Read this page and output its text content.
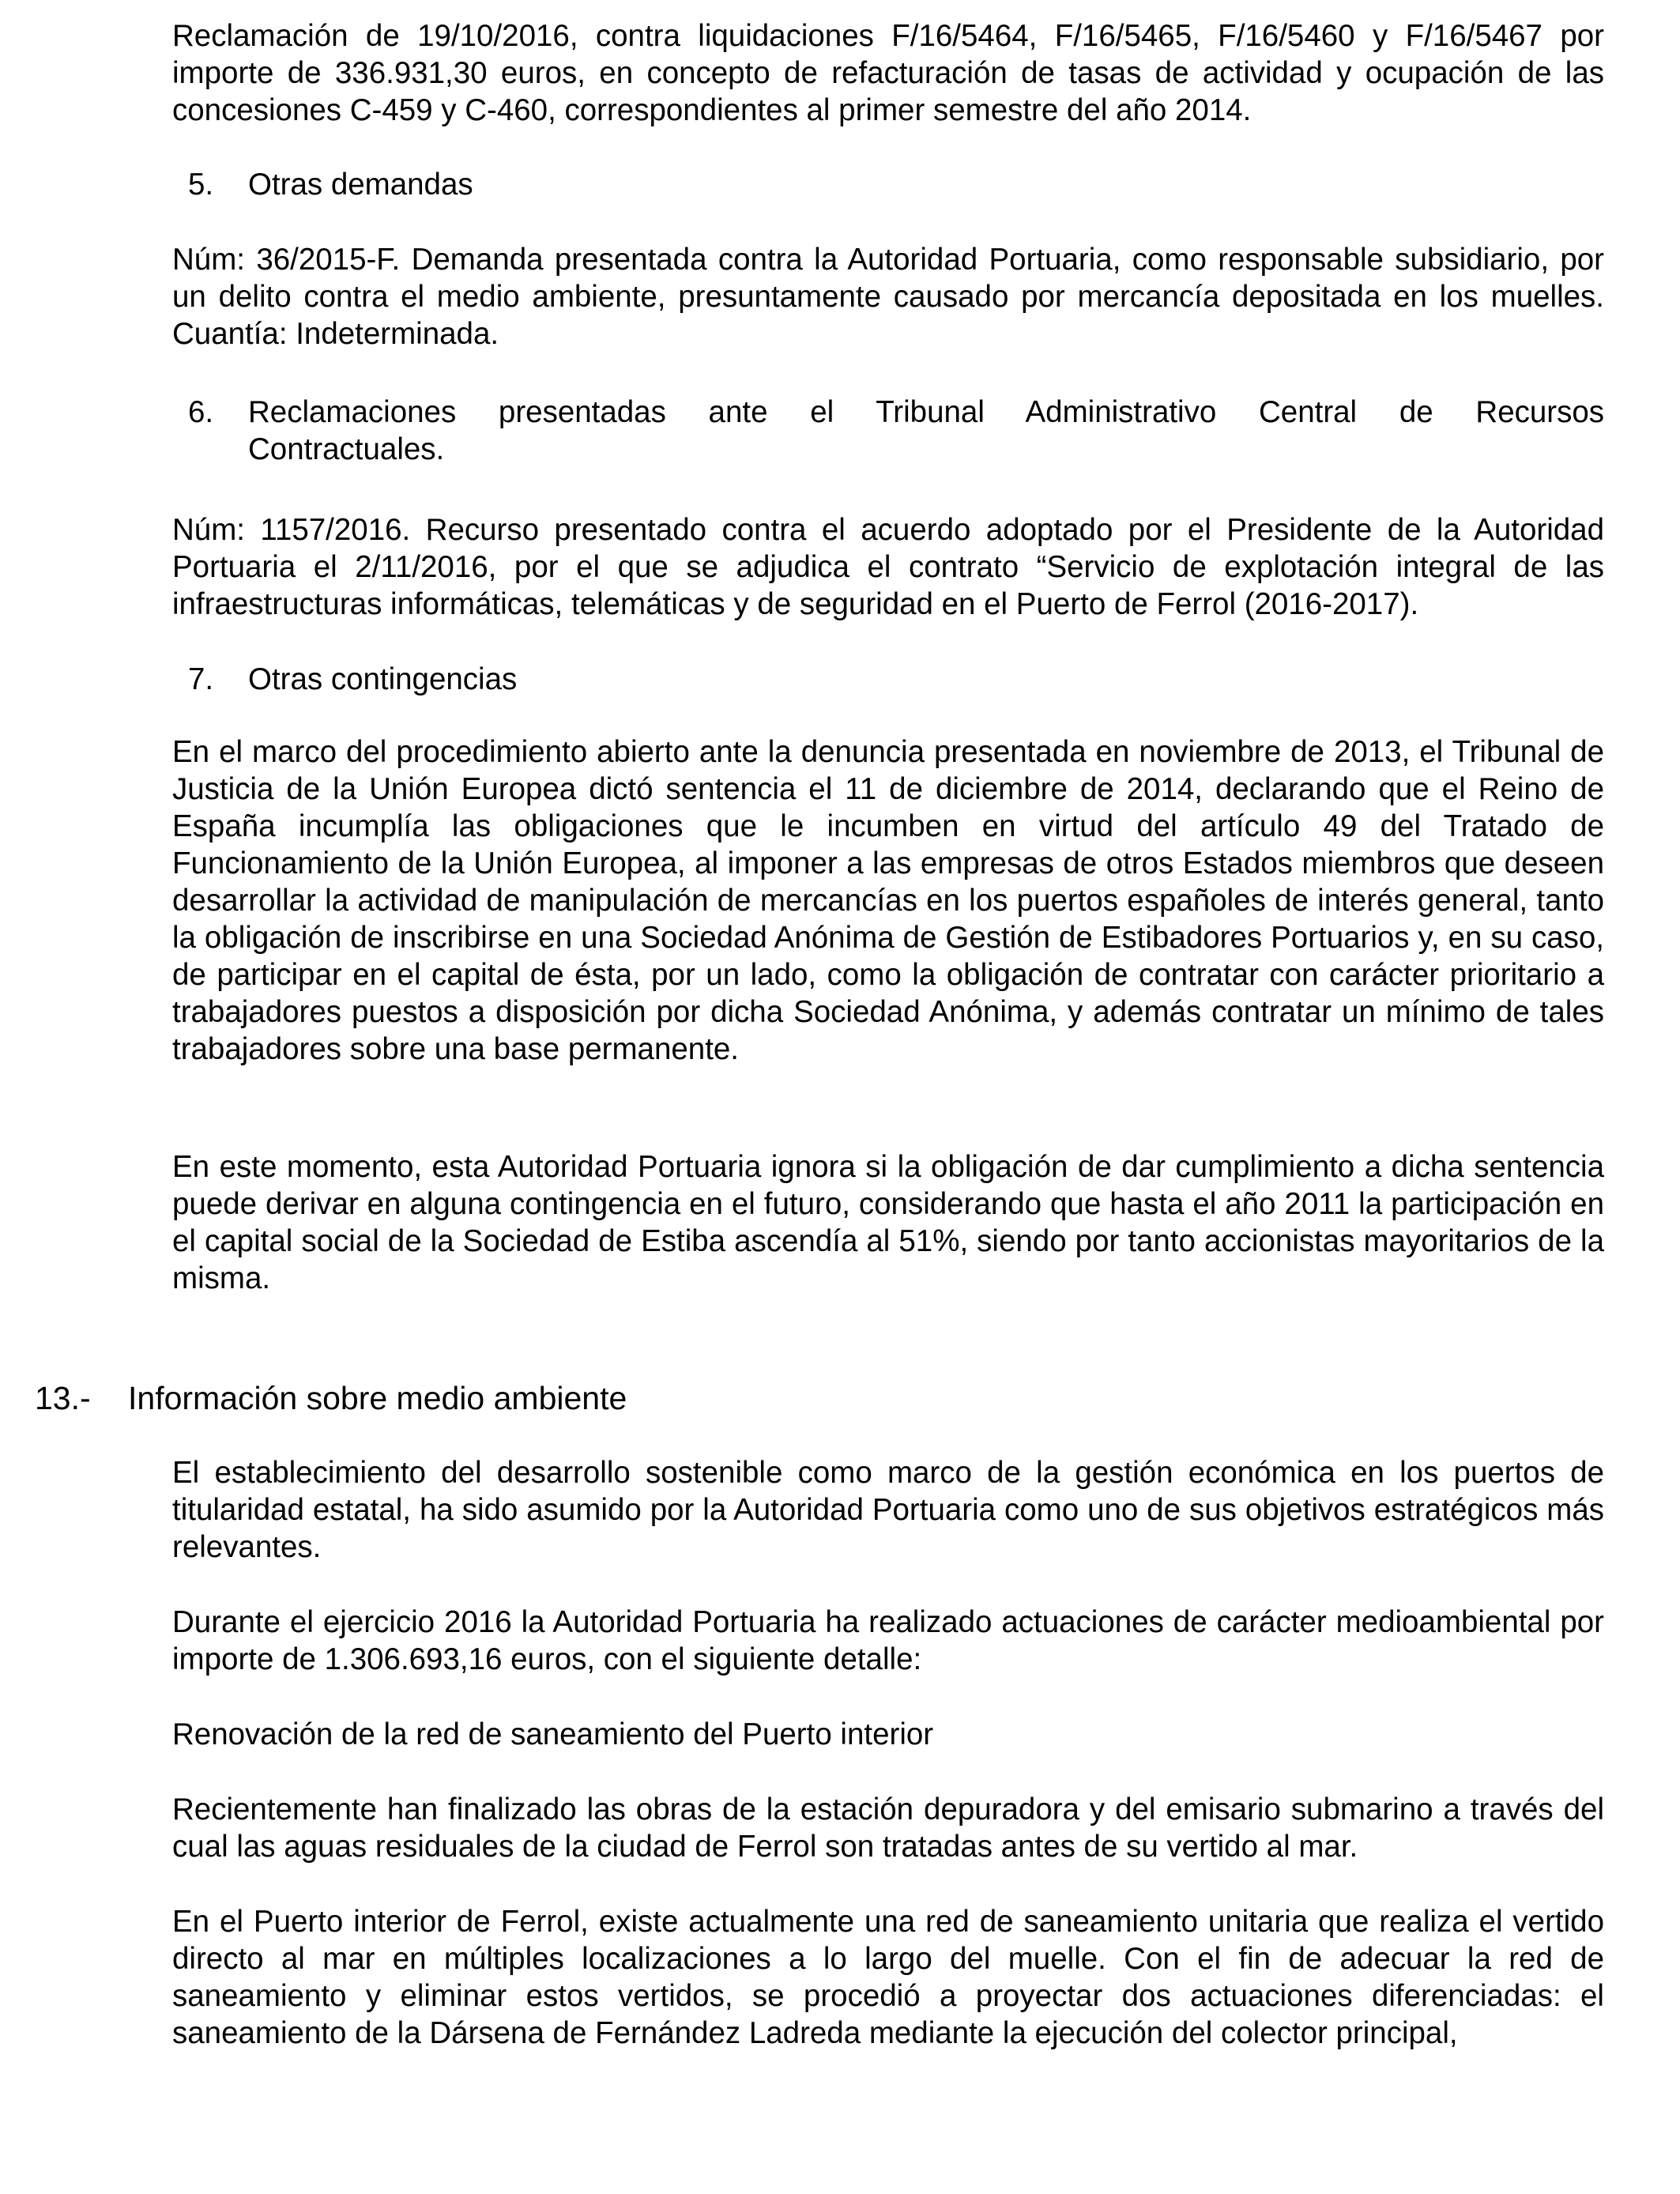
Reclamación de 19/10/2016, contra liquidaciones F/16/5464, F/16/5465, F/16/5460 y F/16/5467 por importe de 336.931,30 euros, en concepto de refacturación de tasas de actividad y ocupación de las concesiones C-459 y C-460, correspondientes al primer semestre del año 2014.

5.	Otras demandas

Núm: 36/2015-F. Demanda presentada contra la Autoridad Portuaria, como responsable subsidiario, por un delito contra el medio ambiente, presuntamente causado por mercancía depositada en los muelles. Cuantía: Indeterminada.

6.	Reclamaciones presentadas ante el Tribunal Administrativo Central de Recursos
Contractuales.

Núm: 1157/2016. Recurso presentado contra el acuerdo adoptado por el Presidente de la Autoridad Portuaria el 2/11/2016, por el que se adjudica el contrato “Servicio de explotación integral de las infraestructuras informáticas, telemáticas y de seguridad en el Puerto de Ferrol (2016-2017).

7.	Otras contingencias

En el marco del procedimiento abierto ante la denuncia presentada en noviembre de 2013, el Tribunal de Justicia de la Unión Europea dictó sentencia el 11 de diciembre de 2014, declarando que el Reino de España incumplía las obligaciones que le incumben en virtud del artículo 49 del Tratado de Funcionamiento de la Unión Europea, al imponer a las empresas de otros Estados miembros que deseen desarrollar la actividad de manipulación de mercancías en los puertos españoles de interés general, tanto la obligación de inscribirse en una Sociedad Anónima de Gestión de Estibadores Portuarios y, en su caso, de participar en el capital de ésta, por un lado, como la obligación de contratar con carácter prioritario a trabajadores puestos a disposición por dicha Sociedad Anónima, y además contratar un mínimo de tales trabajadores sobre una base permanente.

En este momento, esta Autoridad Portuaria ignora si la obligación de dar cumplimiento a dicha sentencia puede derivar en alguna contingencia en el futuro, considerando que hasta el año 2011 la participación en el capital social de la Sociedad de Estiba ascendía al 51%, siendo por tanto accionistas mayoritarios de la misma.

13.- Información sobre medio ambiente

El establecimiento del desarrollo sostenible como marco de la gestión económica en los puertos de titularidad estatal, ha sido asumido por la Autoridad Portuaria como uno de sus objetivos estratégicos más relevantes.

Durante el ejercicio 2016 la Autoridad Portuaria ha realizado actuaciones de carácter medioambiental por importe de 1.306.693,16 euros, con el siguiente detalle:

Renovación de la red de saneamiento del Puerto interior

Recientemente han finalizado las obras de la estación depuradora y del emisario submarino a través del cual las aguas residuales de la ciudad de Ferrol son tratadas antes de su vertido al mar.

En el Puerto interior de Ferrol, existe actualmente una red de saneamiento unitaria que realiza el vertido directo al mar en múltiples localizaciones a lo largo del muelle. Con el fin de adecuar la red de saneamiento y eliminar estos vertidos, se procedió a proyectar dos actuaciones diferenciadas: el saneamiento de la Dársena de Fernández Ladreda mediante la ejecución del colector principal,
